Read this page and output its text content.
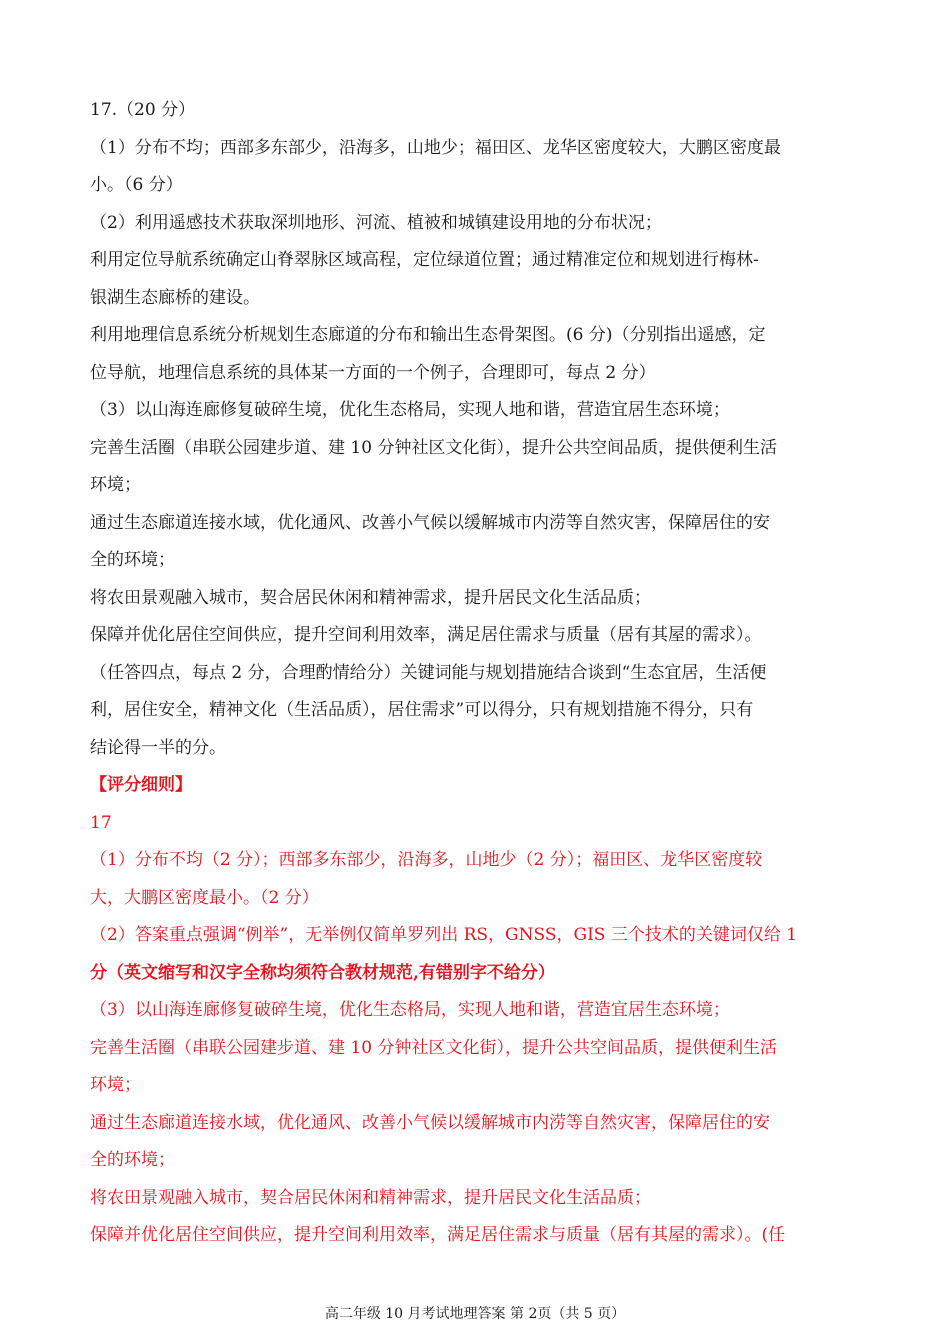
17.（20 分）

（1）分布不均；西部多东部少，沿海多，山地少；福田区、龙华区密度较大，大鹏区密度最

小。（6 分）

（2）利用遥感技术获取深圳地形、河流、植被和城镇建设用地的分布状况；

利用定位导航系统确定山脊翠脉区域高程，定位绿道位置；通过精准定位和规划进行梅林-

银湖生态廊桥的建设。

利用地理信息系统分析规划生态廊道的分布和输出生态骨架图。(6 分)（分别指出遥感，定

位导航，地理信息系统的具体某一方面的一个例子，合理即可，每点 2 分）

（3）以山海连廊修复破碎生境，优化生态格局，实现人地和谐，营造宜居生态环境；

完善生活圈（串联公园建步道、建 10 分钟社区文化街），提升公共空间品质，提供便利生活

环境；

通过生态廊道连接水域，优化通风、改善小气候以缓解城市内涝等自然灾害，保障居住的安

全的环境；

将农田景观融入城市，契合居民休闲和精神需求，提升居民文化生活品质；

保障并优化居住空间供应，提升空间利用效率，满足居住需求与质量（居有其屋的需求）。

（任答四点，每点 2 分，合理酌情给分）关键词能与规划措施结合谈到“生态宜居，生活便

利，居住安全，精神文化（生活品质），居住需求”可以得分，只有规划措施不得分，只有

结论得一半的分。

【评分细则】

17

（1）分布不均（2 分）；西部多东部少，沿海多，山地少（2 分）；福田区、龙华区密度较

大，大鹏区密度最小。（2 分）

（2）答案重点强调“例举”，无举例仅简单罗列出 RS，GNSS，GIS 三个技术的关键词仅给 1

分（英文缩写和汉字全称均须符合教材规范,有错别字不给分）

（3）以山海连廊修复破碎生境，优化生态格局，实现人地和谐，营造宜居生态环境；

完善生活圈（串联公园建步道、建 10 分钟社区文化街），提升公共空间品质，提供便利生活

环境；

通过生态廊道连接水域，优化通风、改善小气候以缓解城市内涝等自然灾害，保障居住的安

全的环境；

将农田景观融入城市，契合居民休闲和精神需求，提升居民文化生活品质；

保障并优化居住空间供应，提升空间利用效率，满足居住需求与质量（居有其屋的需求）。(任

高二年级 10 月考试地理答案 第 2页（共 5 页）
